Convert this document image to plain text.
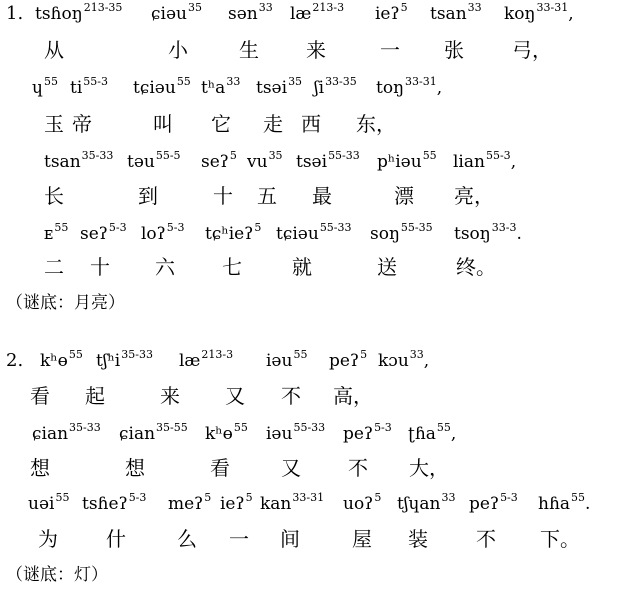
1. tsɦoŋ$^{213-35}$ ɕiəu$^{35}$ sən$^{33}$ $læ^{213-3}$ ieʔ$^5$ tsan$^{33}$ koŋ$^{33-31}$,
从	小	生 来	一 张 弓，
ɥ$^{55}$ $ti^{55-3}$ tɕiəu$^{55}$ tʰa$^{33}$ tsəi$^{35}$ ʃi$^{33-35}$ toŋ$^{33-31}$,
玉 帝	叫 它 走 西 东，
tsan$^{35-33}$ təu$^{55-5}$ seʔ$^5$ $vu^{35}$ tsəi$^{55-33}$ pʰiəu$^{55}$ lian$^{55-3}$,
长	到	十 五 最	漂 亮，
ᴇ$^{55}$ seʔ$^{5-3}$ loʔ$^{5-3}$ tɕʰieʔ$^5$ tɕiəu$^{55-33}$ soŋ$^{55-35}$ tsoŋ$^{33-3}$.
二 十 六 七	就	送	终。
（谜底：月亮）
2. kʰɵ$^{55}$ tʃʰi$^{35-33}$ $læ^{213-3}$ iəu$^{55}$ peʔ$^5$ kɔu$^{33}$,
看 起	来 又 不 高，
ɕian$^{35-33}$ ɕian$^{35-55}$ kʰɵ$^{55}$ iəu$^{55-33}$ peʔ$^{5-3}$ ʈɦa$^{55}$,
想	想	看	又 不 大，
uəi$^{55}$ tsɦeʔ$^{5-3}$ meʔ$^5$ ieʔ$^5$ kan$^{33-31}$ uoʔ$^5$ tʃɥan$^{33}$ peʔ$^{5-3}$ hɦa$^{55}$.
为 什	么 一 间	屋 装 不 下。
（谜底：灯）
